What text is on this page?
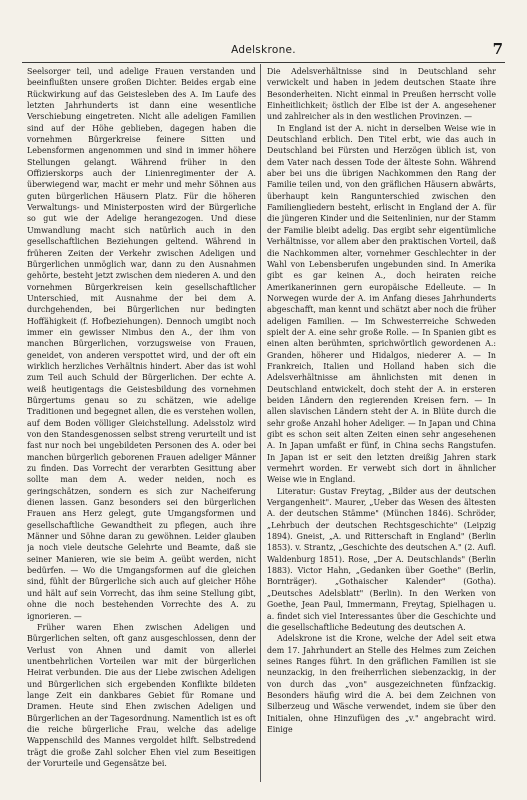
Adelskrone.	7

Seelsorger teil, und adelige Frauen verstanden und beeinflußten unsere großen Dichter. Beides ergab eine Rückwirkung auf das Geistesleben des A. Im Laufe des letzten Jahrhunderts ist dann eine wesentliche Verschiebung eingetreten. Nicht alle adeligen Familien sind auf der Höhe geblieben, dagegen haben die vornehmen Bürgerkreise feinere Sitten und Lebensformen angenommen und sind in immer höhere Stellungen gelangt. Während früher in den Offizierskorps auch der Linienregimenter der A. überwiegend war, macht er mehr und mehr Söhnen aus guten bürgerlichen Häusern Platz. Für die höheren Verwaltungs- und Ministerposten wird der Bürgerliche so gut wie der Adelige herangezogen. Und diese Umwandlung macht sich natürlich auch in den gesellschaftlichen Beziehungen geltend. Während in früheren Zeiten der Verkehr zwischen Adeligen und Bürgerlichen unmöglich war, dann zu den Ausnahmen gehörte, besteht jetzt zwischen dem niederen A. und den vornehmen Bürgerkreisen kein gesellschaftlicher Unterschied, mit Ausnahme der bei dem A. durchgehenden, bei Bürgerlichen nur bedingten Hoffähigkeit (f. Hofbeziehungen). Dennoch umgibt noch immer ein gewisser Nimbus den A., der ihm von manchen Bürgerlichen, vorzugsweise von Frauen, geneidet, von anderen verspottet wird, und der oft ein wirklich herzliches Verhältnis hindert. Aber das ist wohl zum Teil auch Schuld der Bürgerlichen. Der echte A. weiß heutigentags die Geistesbildung des vornehmen Bürgertums genau so zu schätzen, wie adelige Traditionen und begegnet allen, die es verstehen wollen, auf dem Boden völliger Gleichstellung. Adelsstolz wird von den Standesgenossen selbst streng verurteilt und ist fast nur noch bei ungebildeten Personen des A. oder bei manchen bürgerlich geborenen Frauen adeliger Männer zu finden. Das Vorrecht der verarbten Gesittung aber sollte man dem A. weder neiden, noch es geringschätzen, sondern es sich zur Nacheiferung dienen lassen. Ganz besonders sei den bürgerlichen Frauen ans Herz gelegt, gute Umgangsformen und gesellschaftliche Gewandtheit zu pflegen, auch ihre Männer und Söhne daran zu gewöhnen. Leider glauben ja noch viele deutsche Gelehrte und Beamte, daß sie seiner Manieren, wie sie beim A. geübt werden, nicht bedürfen. — Wo die Umgangsformen auf die gleichen sind, fühlt der Bürgerliche sich auch auf gleicher Höhe und hält auf sein Vorrecht, das ihm seine Stellung gibt, ohne die noch bestehenden Vorrechte des A. zu ignorieren. —

Früher waren Ehen zwischen Adeligen und Bürgerlichen selten, oft ganz ausgeschlossen, denn der Verlust von Ahnen und damit von allerlei unentbehrlichen Vorteilen war mit der bürgerlichen Heirat verbunden. Die aus der Liebe zwischen Adeligen und Bürgerlichen sich ergebenden Konflikte bildeten lange Zeit ein dankbares Gebiet für Romane und Dramen. Heute sind Ehen zwischen Adeligen und Bürgerlichen an der Tagesordnung. Namentlich ist es oft die reiche bürgerliche Frau, welche das adelige Wappenschild des Mannes vergoldet hilft. Selbstredend trägt die große Zahl solcher Ehen viel zum Beseitigen der Vorurteile und Gegensätze bei.

Die Adelsverhältnisse sind in Deutschland sehr verwickelt und haben in jedem deutschen Staate ihre Besonderheiten. Nicht einmal in Preußen herrscht volle Einheitlichkeit; östlich der Elbe ist der A. angesehener und zahlreicher als in den westlichen Provinzen. —

In England ist der A. nicht in derselben Weise wie in Deutschland erblich. Den Titel erbt, wie das auch in Deutschland bei Fürsten und Herzögen üblich ist, von dem Vater nach dessen Tode der älteste Sohn. Während aber bei uns die übrigen Nachkommen den Rang der Familie teilen und, von den gräflichen Häusern abwärts, überhaupt kein Rangunterschied zwischen den Familiengliedern besteht, erlischt in England der A. für die jüngeren Kinder und die Seitenlinien, nur der Stamm der Familie bleibt adelig. Das ergibt sehr eigentümliche Verhältnisse, vor allem aber den praktischen Vorteil, daß die Nachkommen alter, vornehmer Geschlechter in der Wahl von Lebensberufen ungebunden sind. In Amerika gibt es gar keinen A., doch heiraten reiche Amerikanerinnen gern europäische Edelleute. — In Norwegen wurde der A. im Anfang dieses Jahrhunderts abgeschafft, man kennt und schätzt aber noch die früher adeligen Familien. — Im Schwesterreiche Schweden spielt der A. eine sehr große Rolle. — In Spanien gibt es einen alten berühmten, sprichwörtlich gewordenen A.: Granden, höherer und Hidalgos, niederer A. — In Frankreich, Italien und Holland haben sich die Adelsverhältnisse am ähnlichsten mit denen in Deutschland entwickelt, doch steht der A. in ersteren beiden Ländern den regierenden Kreisen fern. — In allen slavischen Ländern steht der A. in Blüte durch die sehr große Anzahl hoher Adeliger. — In Japan und China gibt es schon seit alten Zeiten einen sehr angesehenen A. In Japan umfaßt er fünf, in China sechs Rangstufen. In Japan ist er seit den letzten dreißig Jahren stark vermehrt worden. Er verwebt sich dort in ähnlicher Weise wie in England.

Literatur: Gustav Freytag, „Bilder aus der deutschen Vergangenheit". Maurer, „Ueber das Wesen des ältesten A. der deutschen Stämme" (München 1846). Schröder, „Lehrbuch der deutschen Rechtsgeschichte" (Leipzig 1894). Gneist, „A. und Ritterschaft in England" (Berlin 1853). v. Strantz, „Geschichte des deutschen A." (2. Aufl. Waldenburg 1851). Rose, „Der A. Deutschlands" (Berlin 1883). Victor Hahn, „Gedanken über Goethe" (Berlin, Bornträger). „Gothaischer Kalender" (Gotha). „Deutsches Adelsblatt" (Berlin). In den Werken von Goethe, Jean Paul, Immermann, Freytag, Spielhagen u. a. findet sich viel Interessantes über die Geschichte und die gesellschaftliche Bedeutung des deutschen A.

Adelskrone ist die Krone, welche der Adel seit etwa dem 17. Jahrhundert an Stelle des Helmes zum Zeichen seines Ranges führt. In den gräflichen Familien ist sie neunzackig, in den freiherrlichen siebenzackig, in der von durch das „von" ausgezeichneten fünfzackig. Besonders häufig wird die A. bei dem Zeichnen von Silberzeug und Wäsche verwendet, indem sie über den Initialen, ohne Hinzufügen des „v." angebracht wird. Einige
